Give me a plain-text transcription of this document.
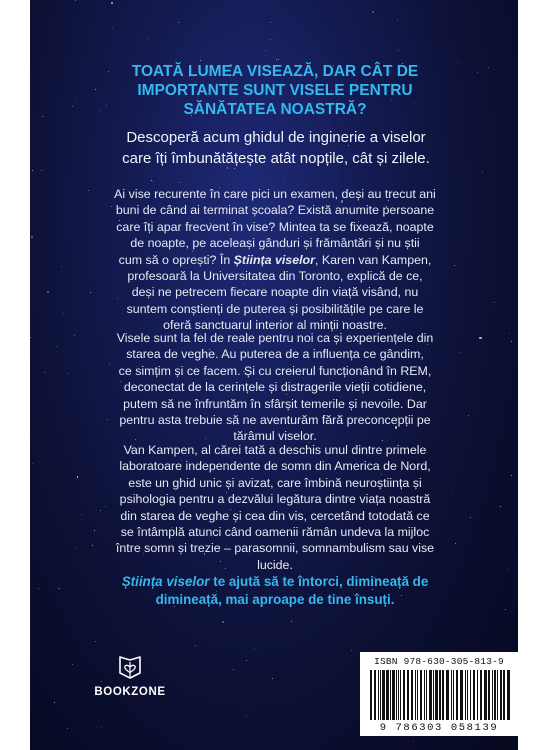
TOATĂ LUMEA VISEAZĂ, DAR CÂT DE
IMPORTANTE SUNT VISELE PENTRU
SĂNĂTATEA NOASTRĂ?
Descoperă acum ghidul de inginerie a viselor
care îți îmbunătățește atât nopțile, cât și zilele.
Ai vise recurente în care pici un examen, deși au trecut ani
buni de când ai terminat școala? Există anumite persoane
care îți apar frecvent în vise? Mintea ta se fixează, noapte
de noapte, pe aceleași gânduri și frământări și nu știi
cum să o oprești? În Știința viselor, Karen van Kampen,
profesoară la Universitatea din Toronto, explică de ce,
deși ne petrecem fiecare noapte din viață visând, nu
suntem conștienți de puterea și posibilitățile pe care le
oferă sanctuarul interior al minții noastre.
Visele sunt la fel de reale pentru noi ca și experiențele din
starea de veghe. Au puterea de a influența ce gândim,
ce simțim și ce facem. Și cu creierul funcționând în REM,
deconectat de la cerințele și distragerile vieții cotidiene,
putem să ne înfruntăm în sfârșit temerile și nevoile. Dar
pentru asta trebuie să ne aventurăm fără preconcepții pe
tărâmul viselor.
Van Kampen, al cărei tată a deschis unul dintre primele
laboratoare independente de somn din America de Nord,
este un ghid unic și avizat, care îmbină neuroștiința și
psihologia pentru a dezvălui legătura dintre viața noastră
din starea de veghe și cea din vis, cercetând totodată ce
se întâmplă atunci când oamenii rămân undeva la mijloc
între somn și trezie – parasomnii, somnambulism sau vise
lucide.
Știința viselor te ajută să te întorci, dimineață de
dimineață, mai aproape de tine însuți.
BOOKZONE
ISBN 978-630-305-813-9
9 786303 058139
